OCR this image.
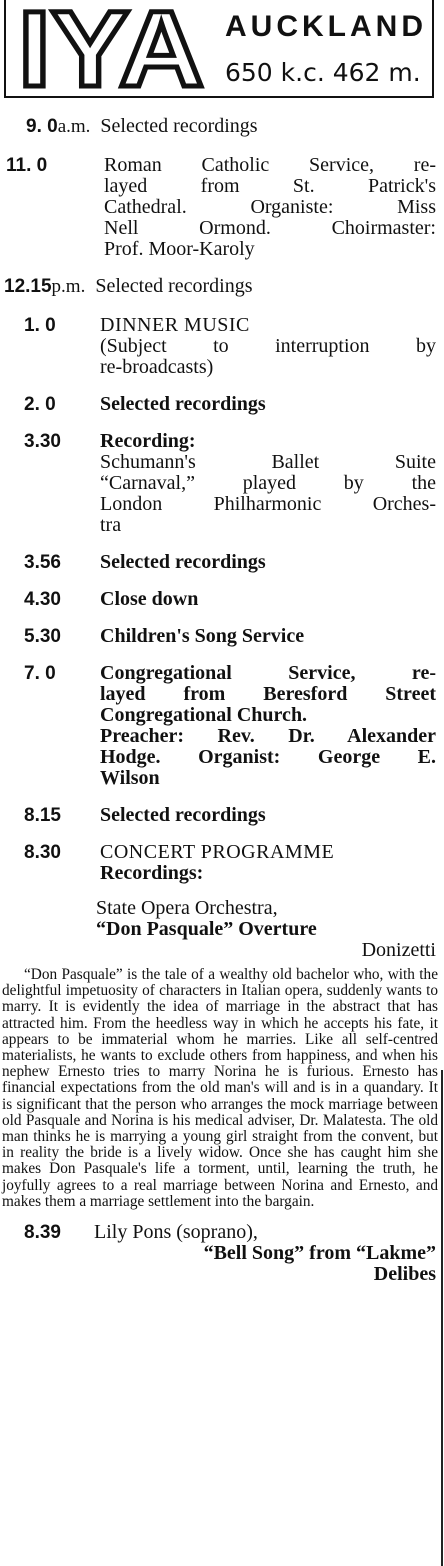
IYA AUCKLAND
650 k.c. 462 m.
9. 0a.m. Selected recordings
11. 0	Roman Catholic Service, re-
layed from St. Patrick's
Cathedral. Organiste: Miss
Nell Ormond. Choirmaster:
Prof. Moor-Karoly
12.15p.m. Selected recordings
1. 0 DINNER MUSIC
(Subject to interruption by
re-broadcasts)
2. 0 Selected recordings
3.30 Recording:
Schumann's Ballet Suite
“Carnaval,” played by the
London Philharmonic Orches-
tra
3.56 Selected recordings
4.30 Close down
5.30 Children's Song Service
7. 0 Congregational Service, re-
layed from Beresford Street
Congregational Church.
Preacher: Rev. Dr. Alexander
Hodge. Organist: George E.
Wilson
8.15 Selected recordings
8.30 CONCERT PROGRAMME
Recordings:
State Opera Orchestra,
“Don Pasquale” Overture
Donizetti
“Don Pasquale” is the tale of a wealthy old bachelor who, with the delightful impetuosity of characters in Italian opera, suddenly wants to marry. It is evidently the idea of marriage in the abstract that has attracted him. From the heedless way in which he accepts his fate, it appears to be immaterial whom he marries. Like all self-centred materialists, he wants to exclude others from happiness, and when his nephew Ernesto tries to marry Norina he is furious. Ernesto has financial expectations from the old man's will and is in a quandary. It is significant that the person who arranges the mock marriage between old Pasquale and Norina is his medical adviser, Dr. Malatesta. The old man thinks he is marrying a young girl straight from the convent, but in reality the bride is a lively widow. Once she has caught him she makes Don Pasquale's life a torment, until, learning the truth, he joyfully agrees to a real marriage between Norina and Ernesto, and makes them a marriage settlement into the bargain.
8.39 Lily Pons (soprano),
“Bell Song” from “Lakme”
Delibes
